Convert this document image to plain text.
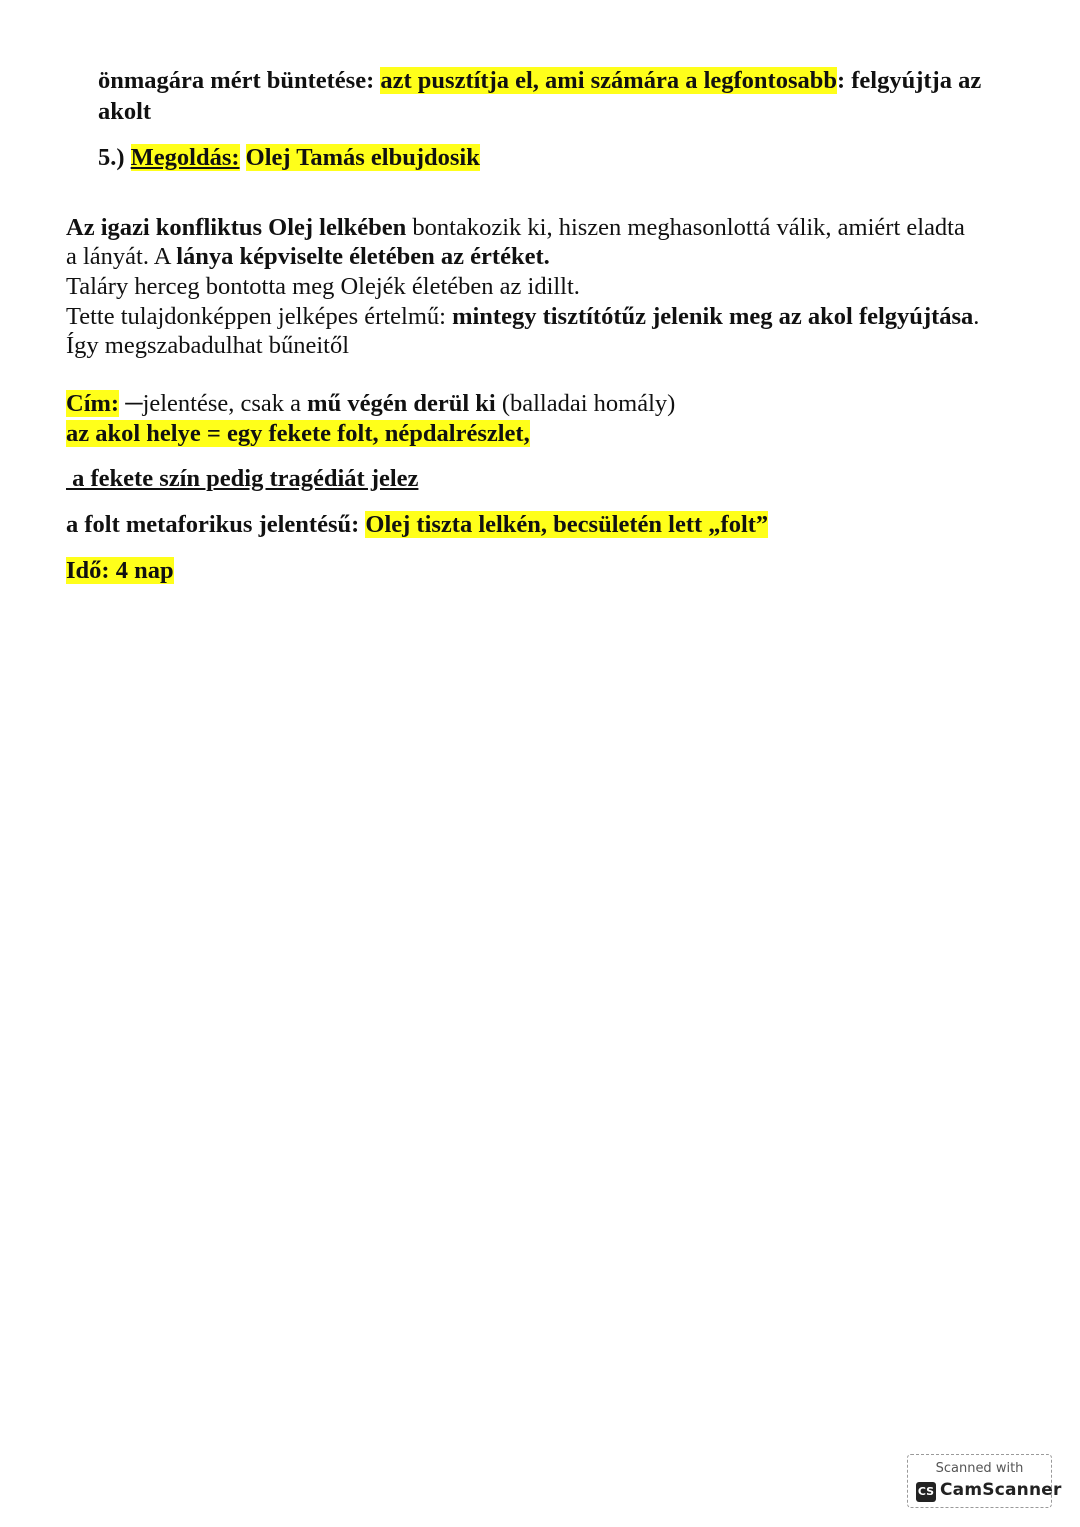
önmagára mért büntetése: azt pusztítja el, ami számára a legfontosabb: felgyújtja az
akolt
5.) Megoldás: Olej Tamás elbujdosik
Az igazi konfliktus Olej lelkében bontakozik ki, hiszen meghasonlottá válik, amiért eladta
a lányát. A lánya képviselte életében az értéket.
Taláry herceg bontotta meg Olejék életében az idillt.
Tette tulajdonképpen jelképes értelmű: mintegy tisztítótűz jelenik meg az akol felgyújtása.
Így megszabadulhat bűneitől
Cím: ─jelentése, csak a mű végén derül ki (balladai homály)
az akol helye = egy fekete folt, népdalrészlet,
a fekete szín pedig tragédiát jelez
a folt metaforikus jelentésű: Olej tiszta lelkén, becsületén lett „folt”
Idő: 4 nap
Scanned with
CS CamScanner
